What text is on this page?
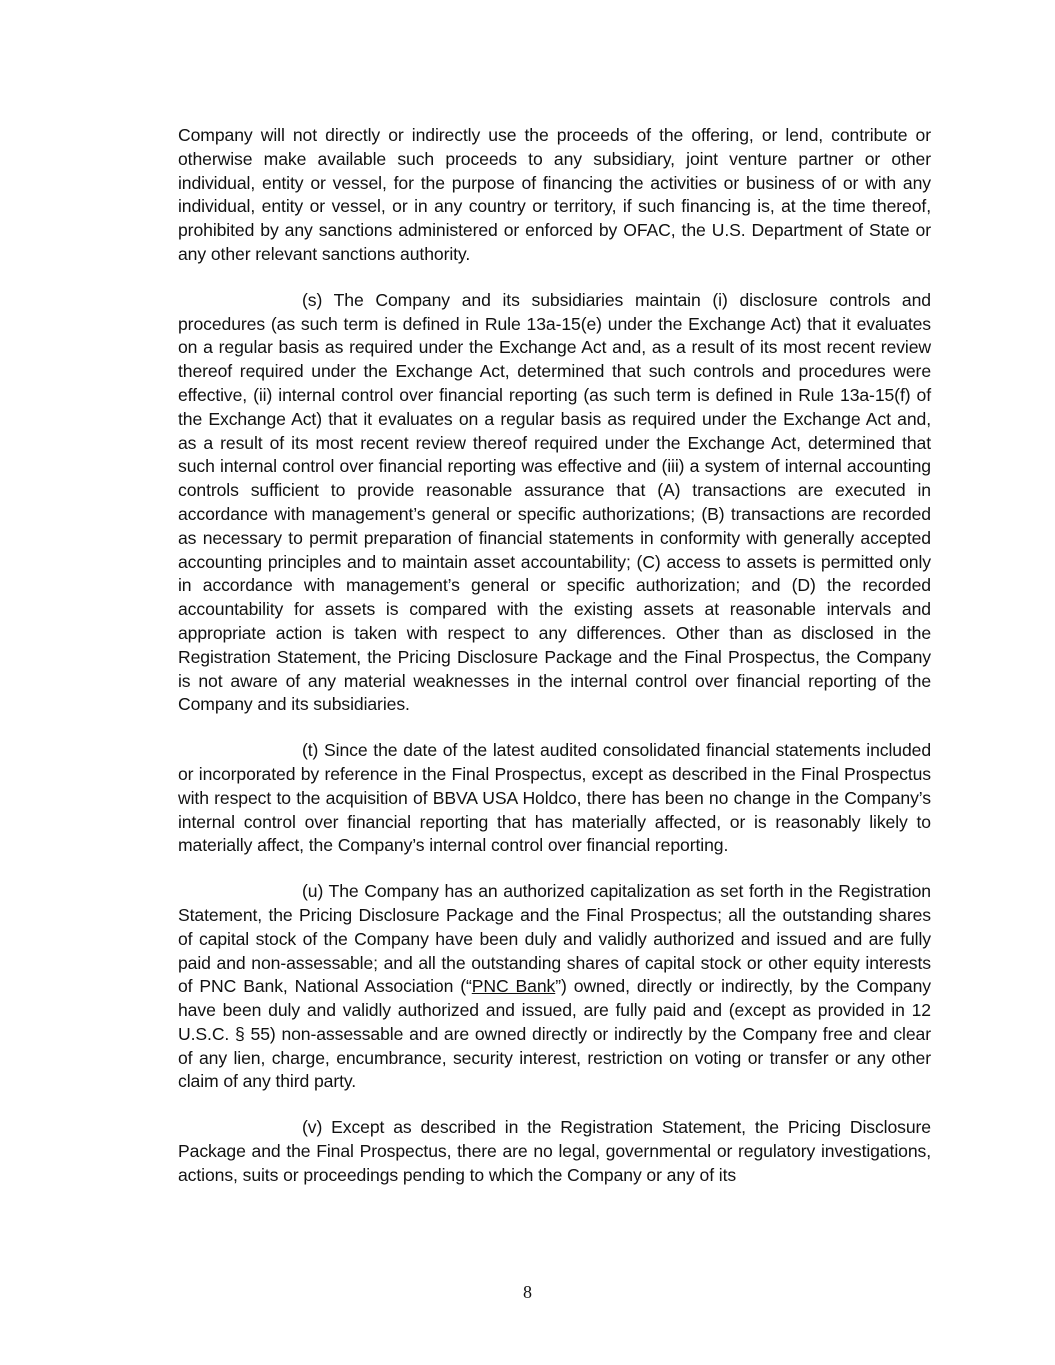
Company will not directly or indirectly use the proceeds of the offering, or lend, contribute or otherwise make available such proceeds to any subsidiary, joint venture partner or other individual, entity or vessel, for the purpose of financing the activities or business of or with any individual, entity or vessel, or in any country or territory, if such financing is, at the time thereof, prohibited by any sanctions administered or enforced by OFAC, the U.S. Department of State or any other relevant sanctions authority.

(s) The Company and its subsidiaries maintain (i) disclosure controls and procedures (as such term is defined in Rule 13a-15(e) under the Exchange Act) that it evaluates on a regular basis as required under the Exchange Act and, as a result of its most recent review thereof required under the Exchange Act, determined that such controls and procedures were effective, (ii) internal control over financial reporting (as such term is defined in Rule 13a-15(f) of the Exchange Act) that it evaluates on a regular basis as required under the Exchange Act and, as a result of its most recent review thereof required under the Exchange Act, determined that such internal control over financial reporting was effective and (iii) a system of internal accounting controls sufficient to provide reasonable assurance that (A) transactions are executed in accordance with management’s general or specific authorizations; (B) transactions are recorded as necessary to permit preparation of financial statements in conformity with generally accepted accounting principles and to maintain asset accountability; (C) access to assets is permitted only in accordance with management’s general or specific authorization; and (D) the recorded accountability for assets is compared with the existing assets at reasonable intervals and appropriate action is taken with respect to any differences. Other than as disclosed in the Registration Statement, the Pricing Disclosure Package and the Final Prospectus, the Company is not aware of any material weaknesses in the internal control over financial reporting of the Company and its subsidiaries.

(t) Since the date of the latest audited consolidated financial statements included or incorporated by reference in the Final Prospectus, except as described in the Final Prospectus with respect to the acquisition of BBVA USA Holdco, there has been no change in the Company’s internal control over financial reporting that has materially affected, or is reasonably likely to materially affect, the Company’s internal control over financial reporting.

(u) The Company has an authorized capitalization as set forth in the Registration Statement, the Pricing Disclosure Package and the Final Prospectus; all the outstanding shares of capital stock of the Company have been duly and validly authorized and issued and are fully paid and non-assessable; and all the outstanding shares of capital stock or other equity interests of PNC Bank, National Association (“PNC Bank”) owned, directly or indirectly, by the Company have been duly and validly authorized and issued, are fully paid and (except as provided in 12 U.S.C. § 55) non-assessable and are owned directly or indirectly by the Company free and clear of any lien, charge, encumbrance, security interest, restriction on voting or transfer or any other claim of any third party.

(v) Except as described in the Registration Statement, the Pricing Disclosure Package and the Final Prospectus, there are no legal, governmental or regulatory investigations, actions, suits or proceedings pending to which the Company or any of its

8
